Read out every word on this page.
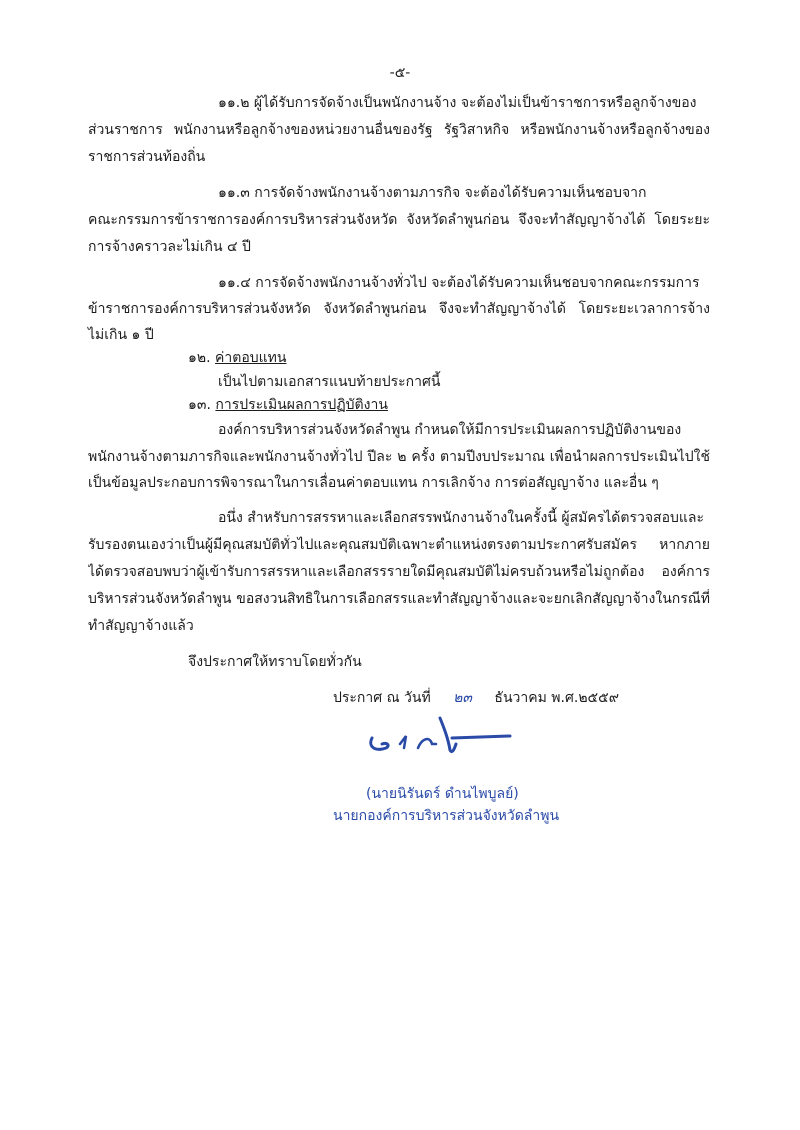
-๕-
๑๑.๒ ผู้ได้รับการจัดจ้างเป็นพนักงานจ้าง จะต้องไม่เป็นข้าราชการหรือลูกจ้างของ
ส่วนราชการ พนักงานหรือลูกจ้างของหน่วยงานอื่นของรัฐ รัฐวิสาหกิจ หรือพนักงานจ้างหรือลูกจ้างของ
ราชการส่วนท้องถิ่น
๑๑.๓ การจัดจ้างพนักงานจ้างตามภารกิจ จะต้องได้รับความเห็นชอบจาก
คณะกรรมการข้าราชการองค์การบริหารส่วนจังหวัด จังหวัดลำพูนก่อน จึงจะทำสัญญาจ้างได้ โดยระยะ
การจ้างคราวละไม่เกิน ๔ ปี
๑๑.๔ การจัดจ้างพนักงานจ้างทั่วไป จะต้องได้รับความเห็นชอบจากคณะกรรมการ
ข้าราชการองค์การบริหารส่วนจังหวัด จังหวัดลำพูนก่อน จึงจะทำสัญญาจ้างได้ โดยระยะเวลาการจ้าง
ไม่เกิน ๑ ปี
๑๒. ค่าตอบแทน
เป็นไปตามเอกสารแนบท้ายประกาศนี้
๑๓. การประเมินผลการปฏิบัติงาน
องค์การบริหารส่วนจังหวัดลำพูน กำหนดให้มีการประเมินผลการปฏิบัติงานของ
พนักงานจ้างตามภารกิจและพนักงานจ้างทั่วไป ปีละ ๒ ครั้ง ตามปีงบประมาณ เพื่อนำผลการประเมินไปใช้
เป็นข้อมูลประกอบการพิจารณาในการเลื่อนค่าตอบแทน การเลิกจ้าง การต่อสัญญาจ้าง และอื่น ๆ
อนึ่ง สำหรับการสรรหาและเลือกสรรพนักงานจ้างในครั้งนี้ ผู้สมัครได้ตรวจสอบและ
รับรองตนเองว่าเป็นผู้มีคุณสมบัติทั่วไปและคุณสมบัติเฉพาะตำแหน่งตรงตามประกาศรับสมัคร หากภาย
ได้ตรวจสอบพบว่าผู้เข้ารับการสรรหาและเลือกสรรรายใดมีคุณสมบัติไม่ครบถ้วนหรือไม่ถูกต้อง องค์การ
บริหารส่วนจังหวัดลำพูน ขอสงวนสิทธิในการเลือกสรรและทำสัญญาจ้างและจะยกเลิกสัญญาจ้างในกรณีที่
ทำสัญญาจ้างแล้ว
จึงประกาศให้ทราบโดยทั่วกัน
ประกาศ ณ วันที่ ๒๓ ธันวาคม พ.ศ.๒๕๕๙
(นายนิรันดร์ ดำนไพบูลย์)
นายกองค์การบริหารส่วนจังหวัดลำพูน
